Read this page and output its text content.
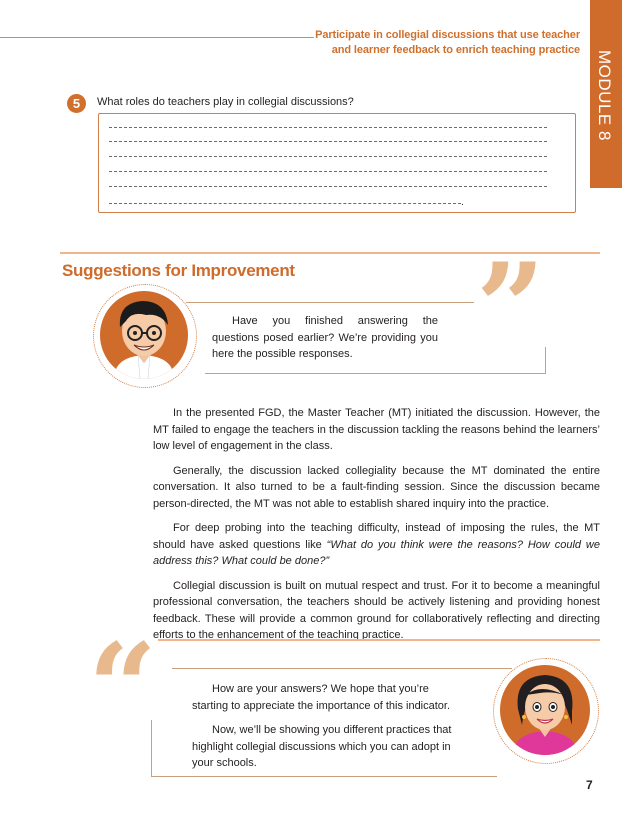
Participate in collegial discussions that use teacher
and learner feedback to enrich teaching practice MODULE 8
5	What roles do teachers play in collegial discussions?
.
Suggestions for Improvement
Have you finished answering the questions posed earlier? We’re providing you here the possible responses.	”

In the presented FGD, the Master Teacher (MT) initiated the discussion. However, the MT failed to engage the teachers in the discussion tackling the reasons behind the learners’ low level of engagement in the class.

Generally, the discussion lacked collegiality because the MT dominated the entire conversation. It also turned to be a fault-finding session. Since the discussion became person-directed, the MT was not able to establish shared inquiry into the practice.

For deep probing into the teaching difficulty, instead of imposing the rules, the MT should have asked questions like “What do you think were the reasons? How could we address this? What could be done?”

Collegial discussion is built on mutual respect and trust. For it to become a meaningful professional conversation, the teachers should be actively listening and providing honest feedback. These will provide a common ground for collaboratively reflecting and directing efforts to the enhancement of the teaching practice.

“	How are your answers? We hope that you’re starting to appreciate the importance of this indicator.

Now, we’ll be showing you different practices that highlight collegial discussions which you can adopt in your schools.

7
